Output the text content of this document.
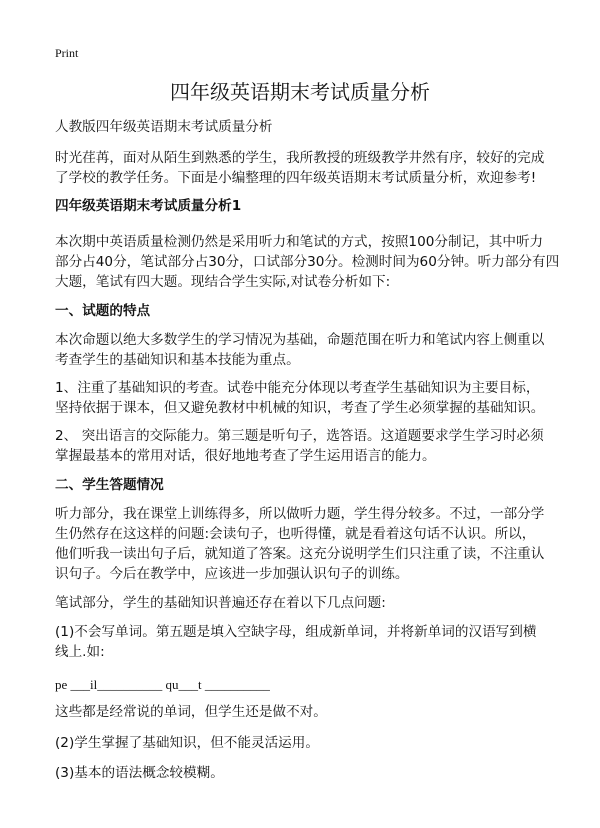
Print
四年级英语期末考试质量分析
人教版四年级英语期末考试质量分析
时光荏苒，面对从陌生到熟悉的学生，我所教授的班级教学井然有序，较好的完成
了学校的教学任务。下面是小编整理的四年级英语期末考试质量分析，欢迎参考!
四年级英语期末考试质量分析1
本次期中英语质量检测仍然是采用听力和笔试的方式，按照100分制记，其中听力
部分占40分，笔试部分占30分，口试部分30分。检测时间为60分钟。听力部分有四
大题，笔试有四大题。现结合学生实际,对试卷分析如下:
一、试题的特点
本次命题以绝大多数学生的学习情况为基础，命题范围在听力和笔试内容上侧重以
考查学生的基础知识和基本技能为重点。
1、注重了基础知识的考查。试卷中能充分体现以考查学生基础知识为主要目标，
坚持依据于课本，但又避免教材中机械的知识，考查了学生必须掌握的基础知识。
2、 突出语言的交际能力。第三题是听句子，选答语。这道题要求学生学习时必须
掌握最基本的常用对话，很好地地考查了学生运用语言的能力。
二、学生答题情况
听力部分，我在课堂上训练得多，所以做听力题，学生得分较多。不过，一部分学
生仍然存在这这样的问题:会读句子，也听得懂，就是看着这句话不认识。所以，
他们听我一读出句子后，就知道了答案。这充分说明学生们只注重了读，不注重认
识句子。今后在教学中，应该进一步加强认识句子的训练。
笔试部分，学生的基础知识普遍还存在着以下几点问题:
(1)不会写单词。第五题是填入空缺字母，组成新单词，并将新单词的汉语写到横
线上.如:
pe ___il__________ qu___t __________
这些都是经常说的单词，但学生还是做不对。
(2)学生掌握了基础知识，但不能灵活运用。
(3)基本的语法概念较模糊。
